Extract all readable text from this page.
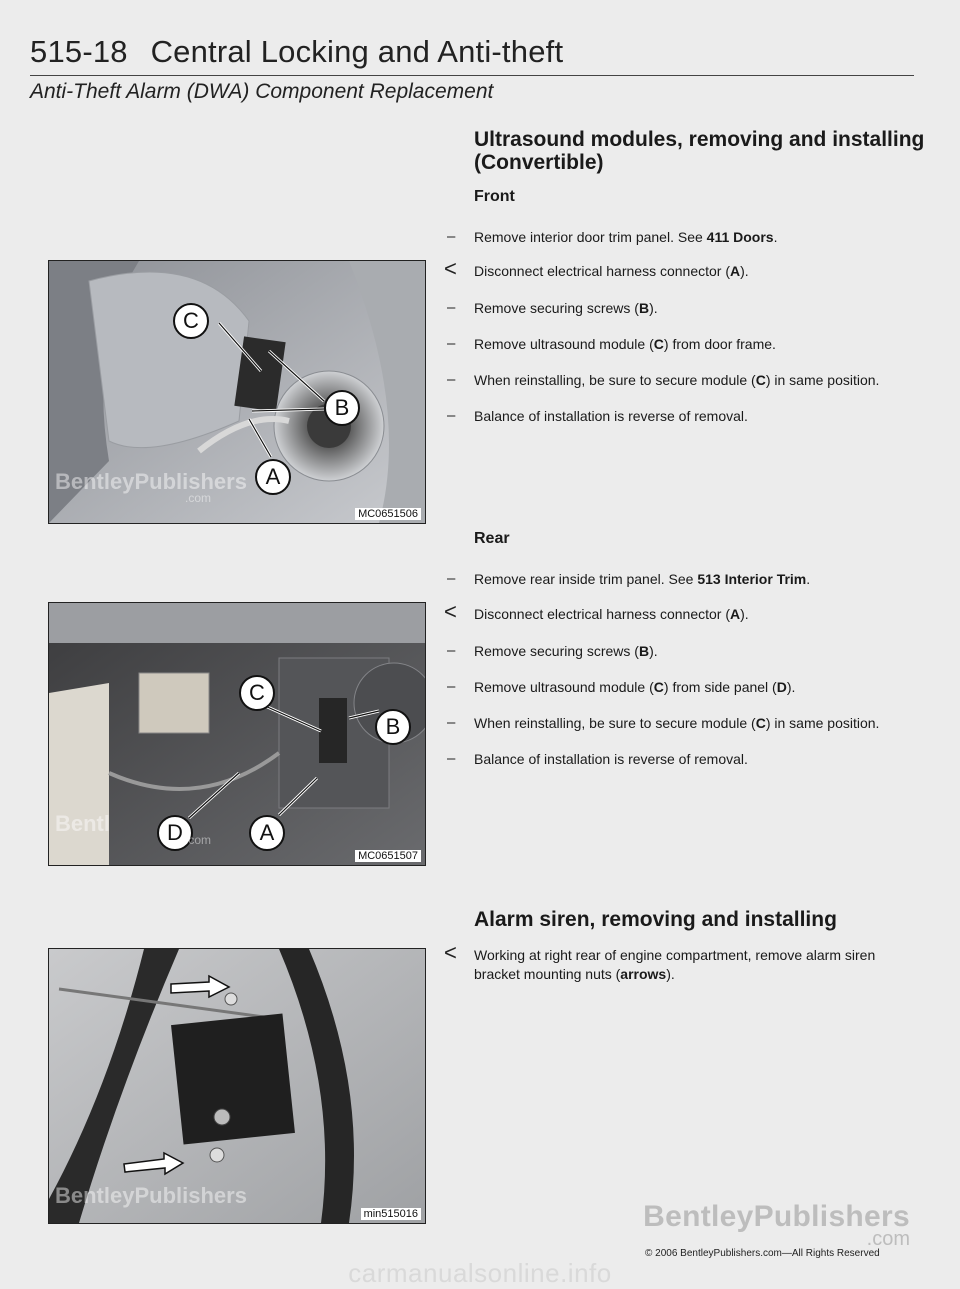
515-18 Central Locking and Anti-theft
Anti-Theft Alarm (DWA) Component Replacement
Ultrasound modules, removing and installing
(Convertible)
Front
–	Remove interior door trim panel. See 411 Doors.
<	Disconnect electrical harness connector (A).
–	Remove securing screws (B).
–	Remove ultrasound module (C) from door frame.
–	When reinstalling, be sure to secure module (C) in same position.
–	Balance of installation is reverse of removal.
Rear
–	Remove rear inside trim panel. See 513 Interior Trim.
<	Disconnect electrical harness connector (A).
–	Remove securing screws (B).
–	Remove ultrasound module (C) from side panel (D).
–	When reinstalling, be sure to secure module (C) in same position.
–	Balance of installation is reverse of removal.
Alarm siren, removing and installing
<	Working at right rear of engine compartment, remove alarm siren bracket mounting nuts (arrows).
C
B
A
BentleyPublishers
.com
MC0651506
C
B
D	A
Bentl
.com
MC0651507
BentleyPublishers
min515016	BentleyPublishers
.com
© 2006 BentleyPublishers.com—All Rights Reserved
carmanualsonline.info
